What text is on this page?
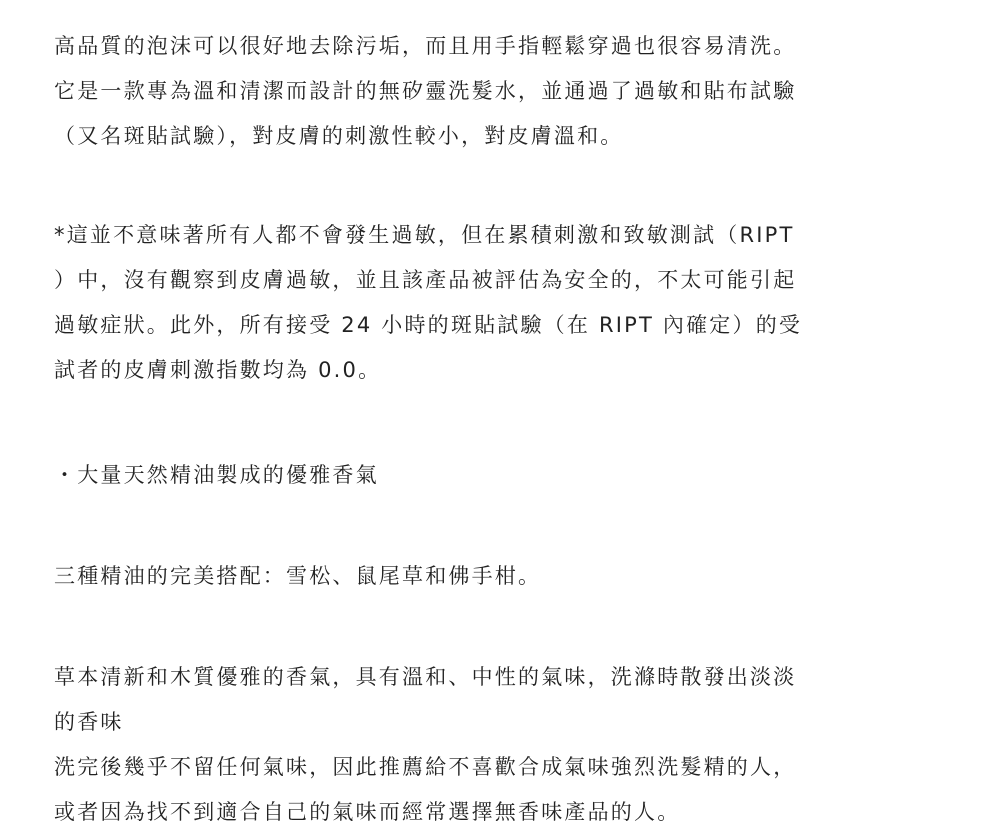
高品質的泡沫可以很好地去除污垢，而且用手指輕鬆穿過也很容易清洗。
它是一款專為溫和清潔而設計的無矽靈洗髮水，並通過了過敏和貼布試驗
（又名斑貼試驗），對皮膚的刺激性較小，對皮膚溫和。
*這並不意味著所有人都不會發生過敏，但在累積刺激和致敏測試（RIPT
）中，沒有觀察到皮膚過敏，並且該產品被評估為安全的，不太可能引起
過敏症狀。此外，所有接受 24 小時的斑貼試驗（在 RIPT 內確定）的受
試者的皮膚刺激指數均為 0.0。
・大量天然精油製成的優雅香氣
三種精油的完美搭配：雪松、鼠尾草和佛手柑。
草本清新和木質優雅的香氣，具有溫和、中性的氣味，洗滌時散發出淡淡
的香味
洗完後幾乎不留任何氣味，因此推薦給不喜歡合成氣味強烈洗髮精的人，
或者因為找不到適合自己的氣味而經常選擇無香味產品的人。
